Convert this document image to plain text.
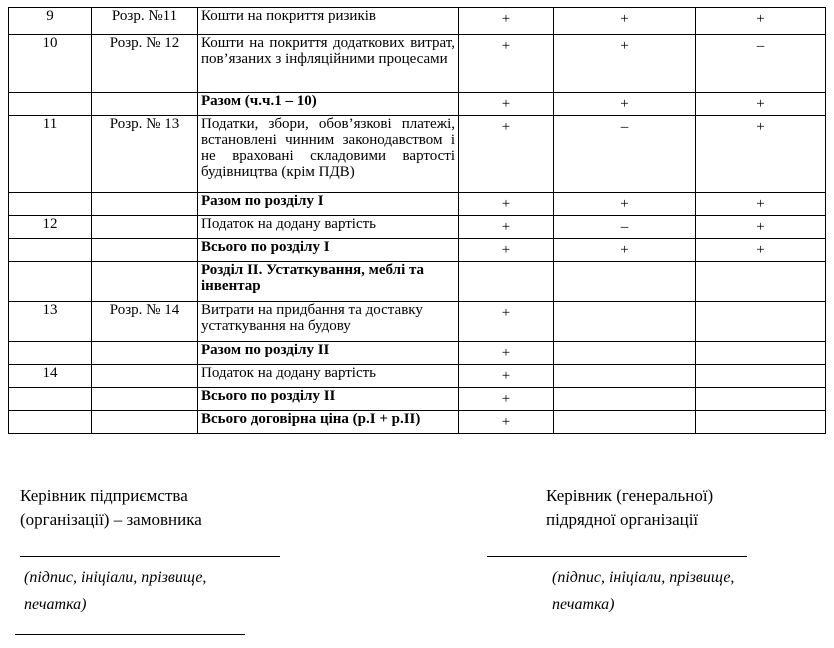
9	Розр. №11	Кошти на покриття ризиків	+	+	+
10	Розр. № 12	Кошти на покриття додаткових витрат, пов’язаних з інфляційними процесами	+	+	–
		Разом (ч.ч.1 – 10)	+	+	+
11	Розр. № 13	Податки, збори, обов’язкові платежі, встановлені чинним законодавством і не враховані складовими вартості будівництва (крім ПДВ)	+	–	+
		Разом по розділу I	+	+	+
12		Податок на додану вартість	+	–	+
		Всього по розділу I	+	+	+
		Розділ II. Устаткування, меблі та інвентар			
13	Розр. № 14	Витрати на придбання та доставку устаткування на будову	+		
		Разом по розділу II	+		
14		Податок на додану вартість	+		
		Всього по розділу II	+		
		Всього договірна ціна (р.I + р.II)	+		
Керівник підприємства
(організації) – замовника
(підпис, ініціали, прізвище,
печатка)
Керівник (генеральної)
підрядної організації
(підпис, ініціали, прізвище,
печатка)
